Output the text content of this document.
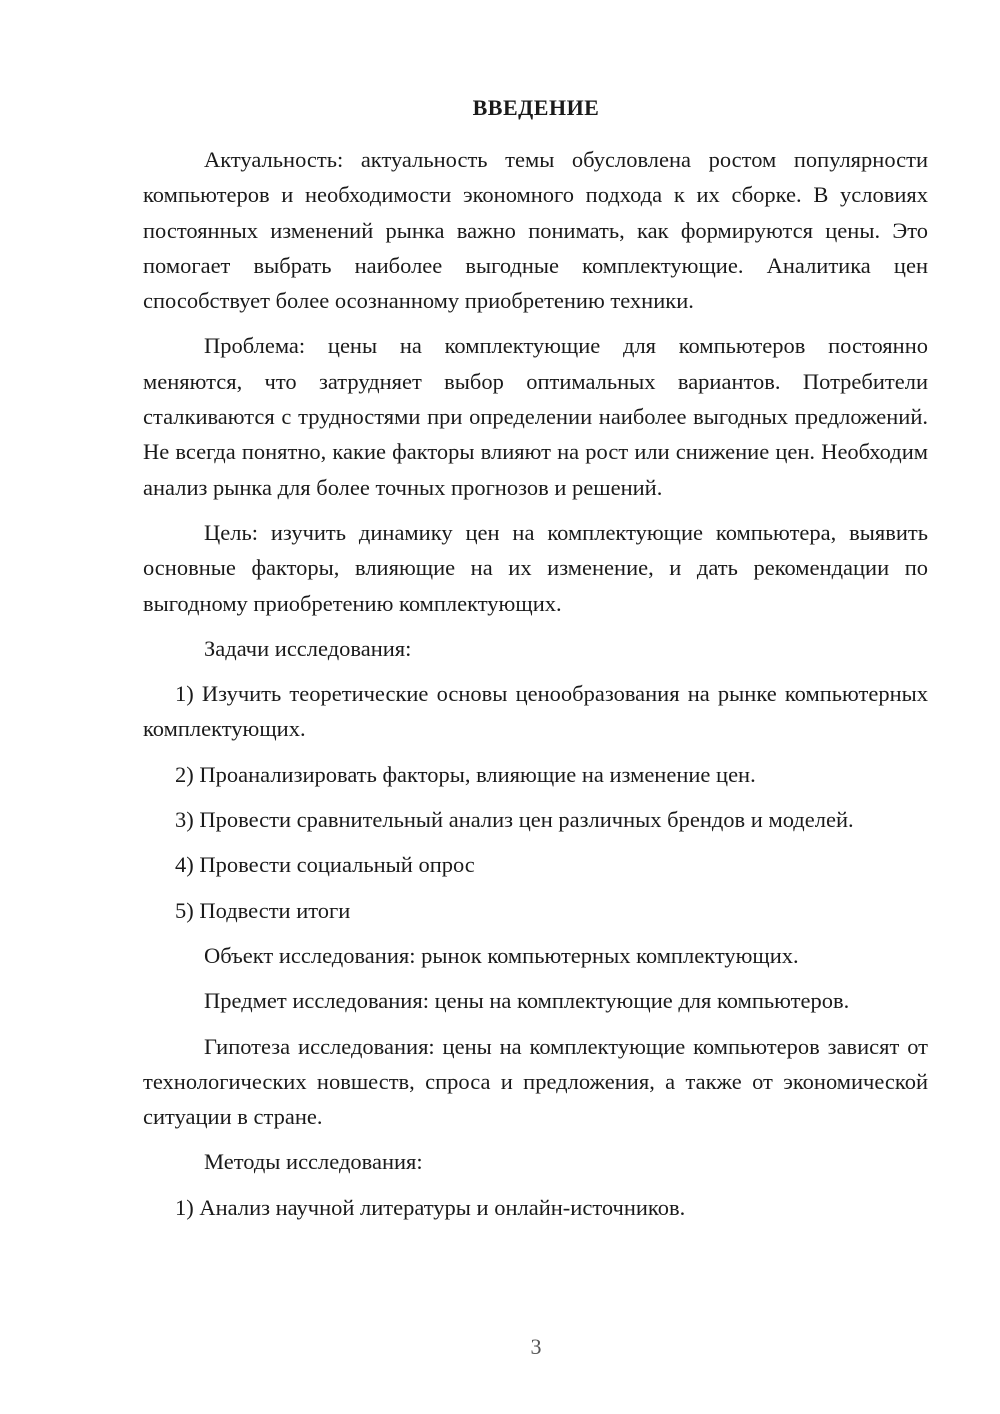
ВВЕДЕНИЕ

Актуальность: актуальность темы обусловлена ростом популярности компьютеров и необходимости экономного подхода к их сборке. В условиях постоянных изменений рынка важно понимать, как формируются цены. Это помогает выбрать наиболее выгодные комплектующие. Аналитика цен способствует более осознанному приобретению техники.

Проблема: цены на комплектующие для компьютеров постоянно меняются, что затрудняет выбор оптимальных вариантов. Потребители сталкиваются с трудностями при определении наиболее выгодных предложений. Не всегда понятно, какие факторы влияют на рост или снижение цен. Необходим анализ рынка для более точных прогнозов и решений.

Цель: изучить динамику цен на комплектующие компьютера, выявить основные факторы, влияющие на их изменение, и дать рекомендации по выгодному приобретению комплектующих.

Задачи исследования:

1) Изучить теоретические основы ценообразования на рынке компьютерных комплектующих.

2) Проанализировать факторы, влияющие на изменение цен.

3) Провести сравнительный анализ цен различных брендов и моделей.

4) Провести социальный опрос

5) Подвести итоги

Объект исследования: рынок компьютерных комплектующих.

Предмет исследования: цены на комплектующие для компьютеров.

Гипотеза исследования: цены на комплектующие компьютеров зависят от технологических новшеств, спроса и предложения, а также от экономической ситуации в стране.

Методы исследования:

1) Анализ научной литературы и онлайн-источников.

3
